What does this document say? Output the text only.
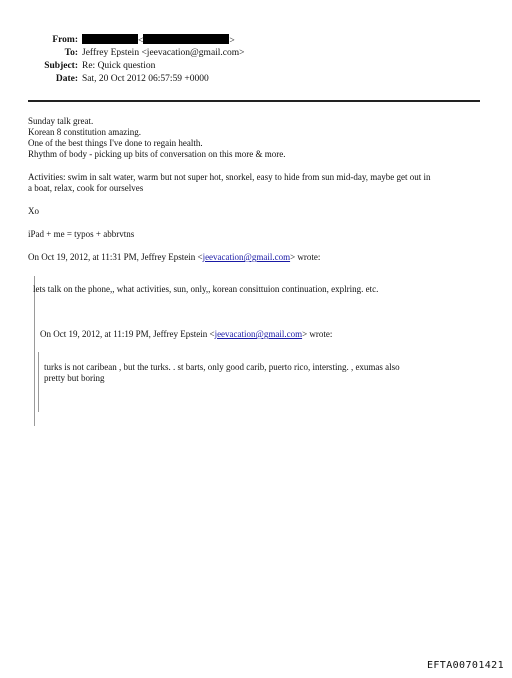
From:	<	>
To: Jeffrey Epstein <jeevacation@gmail.com>
Subject: Re: Quick question
Date: Sat, 20 Oct 2012 06:57:59 +0000

Sunday talk great.

Korean 8 constitution amazing.

One of the best things I've done to regain health.

Rhythm of body - picking up bits of conversation on this more & more.

Activities: swim in salt water, warm but not super hot, snorkel, easy to hide from sun mid-day, maybe get out in

a boat, relax, cook for ourselves

Xo

iPad + me = typos + abbrvtns

On Oct 19, 2012, at 11:31 PM, Jeffrey Epstein <jeevacation@gmail.com> wrote:

lets talk on the phone,, what activities, sun, only,, korean consittuion continuation, explring. etc.

On Oct 19, 2012, at 11:19 PM, Jeffrey Epstein <jeevacation@gmail.com> wrote:

turks is not caribean , but the turks. . st barts, only good carib, puerto rico, intersting. , exumas also

pretty but boring

EFTA00701421
